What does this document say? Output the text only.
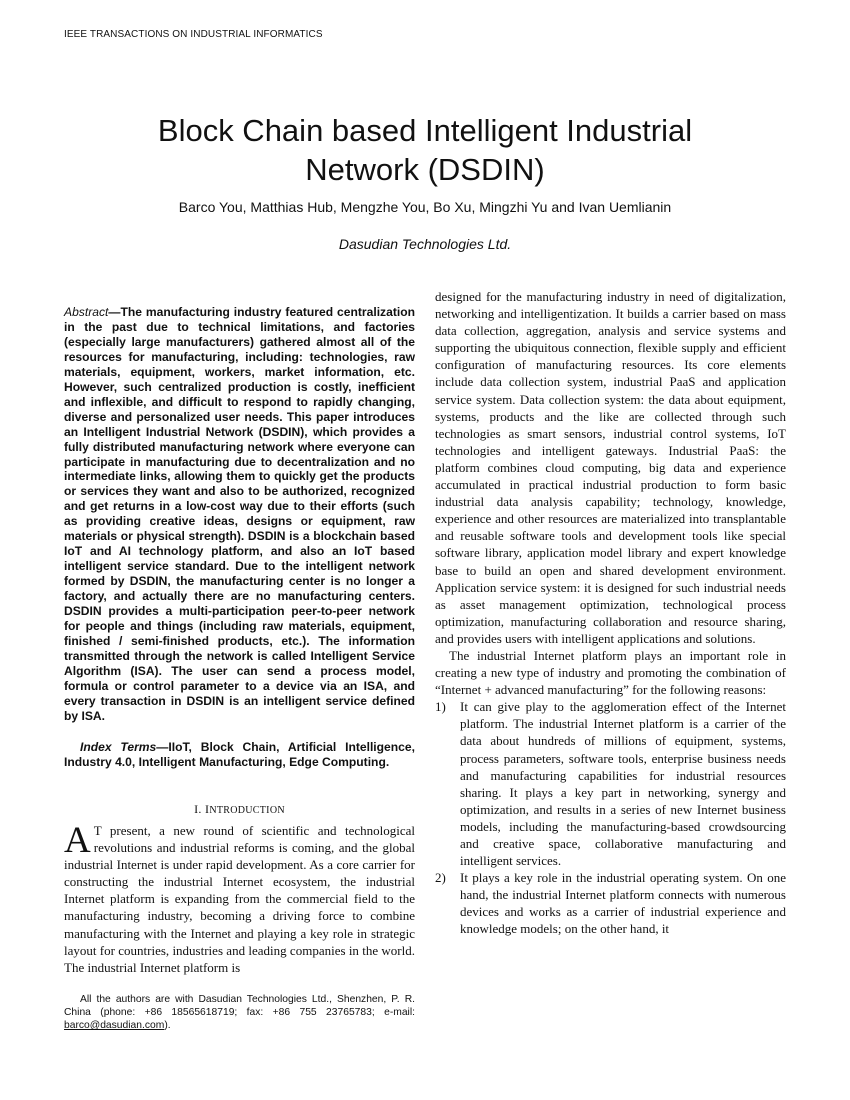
IEEE TRANSACTIONS ON INDUSTRIAL INFORMATICS
Block Chain based Intelligent Industrial
Network (DSDIN)
Barco You, Matthias Hub, Mengzhe You, Bo Xu, Mingzhi Yu and Ivan Uemlianin
Dasudian Technologies Ltd.

Abstract—The manufacturing industry featured centralization in the past due to technical limitations, and factories (especially large manufacturers) gathered almost all of the resources for manufacturing, including: technologies, raw materials, equipment, workers, market information, etc. However, such centralized production is costly, inefficient and inflexible, and difficult to respond to rapidly changing, diverse and personalized user needs. This paper introduces an Intelligent Industrial Network (DSDIN), which provides a fully distributed manufacturing network where everyone can participate in manufacturing due to decentralization and no intermediate links, allowing them to quickly get the products or services they want and also to be authorized, recognized and get returns in a low-cost way due to their efforts (such as providing creative ideas, designs or equipment, raw materials or physical strength). DSDIN is a blockchain based IoT and AI technology platform, and also an IoT based intelligent service standard. Due to the intelligent network formed by DSDIN, the manufacturing center is no longer a factory, and actually there are no manufacturing centers. DSDIN provides a multi-participation peer-to-peer network for people and things (including raw materials, equipment, finished / semi-finished products, etc.). The information transmitted through the network is called Intelligent Service Algorithm (ISA). The user can send a process model, formula or control parameter to a device via an ISA, and every transaction in DSDIN is an intelligent service defined by ISA.

Index Terms—IIoT, Block Chain, Artificial Intelligence, Industry 4.0, Intelligent Manufacturing, Edge Computing.

I. INTRODUCTION

A T present, a new round of scientific and technological revolutions and industrial reforms is coming, and the global industrial Internet is under rapid development. As a core carrier for constructing the industrial Internet ecosystem, the industrial Internet platform is expanding from the commercial field to the manufacturing industry, becoming a driving force to combine manufacturing with the Internet and playing a key role in strategic layout for countries, industries and leading companies in the world. The industrial Internet platform is

All the authors are with Dasudian Technologies Ltd., Shenzhen, P. R. China (phone: +86 18565618719; fax: +86 755 23765783; e-mail: barco@dasudian.com).

designed for the manufacturing industry in need of digitalization, networking and intelligentization. It builds a carrier based on mass data collection, aggregation, analysis and service systems and supporting the ubiquitous connection, flexible supply and efficient configuration of manufacturing resources. Its core elements include data collection system, industrial PaaS and application service system. Data collection system: the data about equipment, systems, products and the like are collected through such technologies as smart sensors, industrial control systems, IoT technologies and intelligent gateways. Industrial PaaS: the platform combines cloud computing, big data and experience accumulated in practical industrial production to form basic industrial data analysis capability; technology, knowledge, experience and other resources are materialized into transplantable and reusable software tools and development tools like special software library, application model library and expert knowledge base to build an open and shared development environment. Application service system: it is designed for such industrial needs as asset management optimization, technological process optimization, manufacturing collaboration and resource sharing, and provides users with intelligent applications and solutions.

The industrial Internet platform plays an important role in creating a new type of industry and promoting the combination of “Internet + advanced manufacturing” for the following reasons:

1) It can give play to the agglomeration effect of the Internet platform. The industrial Internet platform is a carrier of the data about hundreds of millions of equipment, systems, process parameters, software tools, enterprise business needs and manufacturing capabilities for industrial resources sharing. It plays a key part in networking, synergy and optimization, and results in a series of new Internet business models, including the manufacturing-based crowdsourcing and creative space, collaborative manufacturing and intelligent services.
2) It plays a key role in the industrial operating system. On one hand, the industrial Internet platform connects with numerous devices and works as a carrier of industrial experience and knowledge models; on the other hand, it
